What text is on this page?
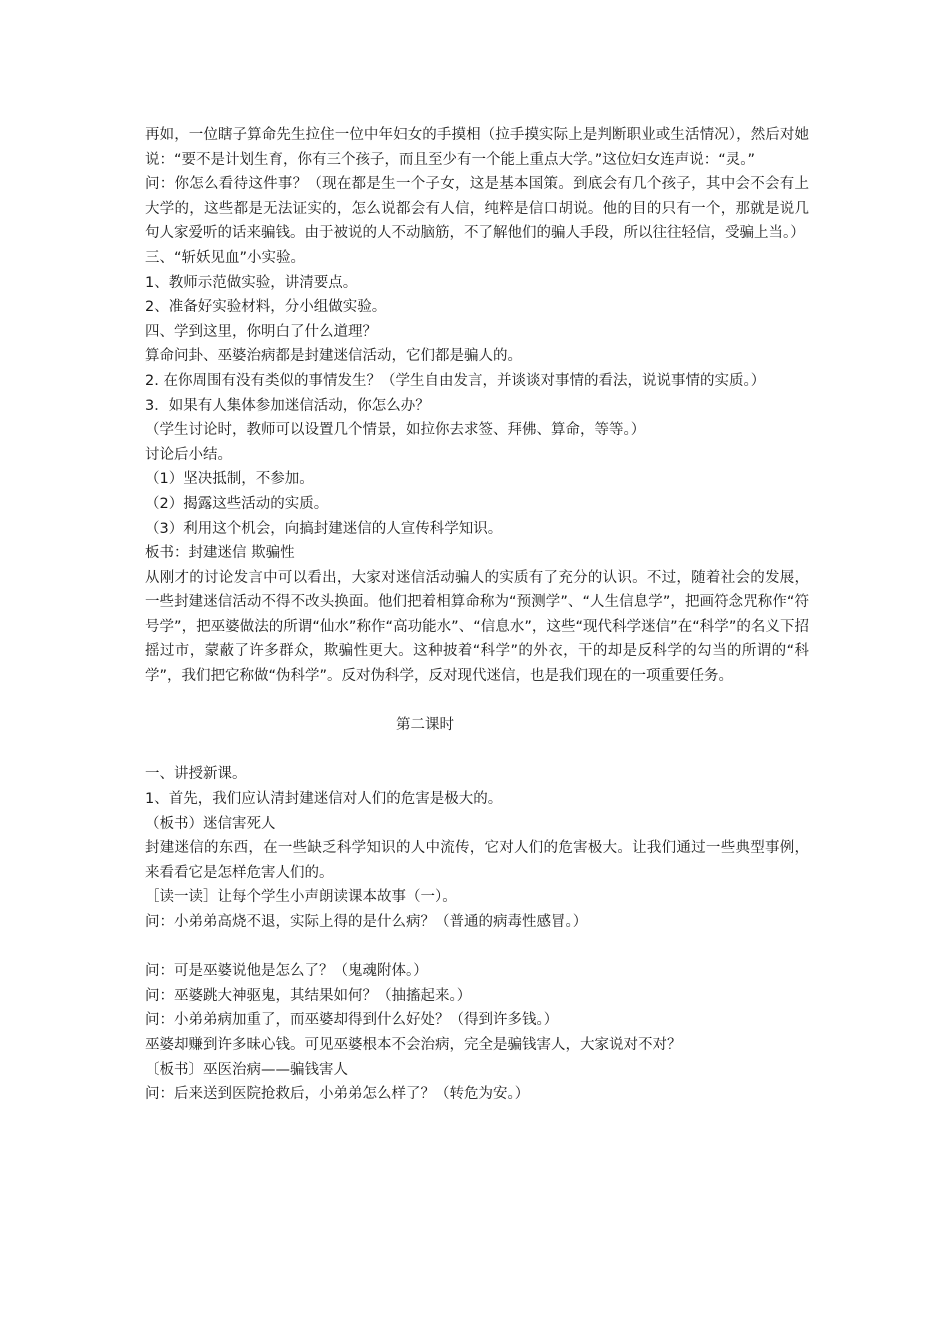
再如，一位瞎子算命先生拉住一位中年妇女的手摸相（拉手摸实际上是判断职业或生活情况），然后对她说：“要不是计划生育，你有三个孩子，而且至少有一个能上重点大学。”这位妇女连声说：“灵。”

问：你怎么看待这件事？（现在都是生一个子女，这是基本国策。到底会有几个孩子，其中会不会有上大学的，这些都是无法证实的，怎么说都会有人信，纯粹是信口胡说。他的目的只有一个，那就是说几句人家爱听的话来骗钱。由于被说的人不动脑筋，不了解他们的骗人手段，所以往往轻信，受骗上当。）

三、“斩妖见血”小实验。

1、教师示范做实验，讲清要点。

2、准备好实验材料，分小组做实验。

四、学到这里，你明白了什么道理？

算命问卦、巫婆治病都是封建迷信活动，它们都是骗人的。

2. 在你周围有没有类似的事情发生？（学生自由发言，并谈谈对事情的看法，说说事情的实质。）

3．如果有人集体参加迷信活动，你怎么办？

（学生讨论时，教师可以设置几个情景，如拉你去求签、拜佛、算命，等等。）

讨论后小结。

（1）坚决抵制，不参加。

（2）揭露这些活动的实质。

（3）利用这个机会，向搞封建迷信的人宣传科学知识。

板书：封建迷信 欺骗性

从刚才的讨论发言中可以看出，大家对迷信活动骗人的实质有了充分的认识。不过，随着社会的发展，一些封建迷信活动不得不改头换面。他们把着相算命称为“预测学”、“人生信息学”，把画符念咒称作“符号学”，把巫婆做法的所谓“仙水”称作“高功能水”、“信息水”，这些“现代科学迷信”在“科学”的名义下招摇过市，蒙蔽了许多群众，欺骗性更大。这种披着“科学”的外衣，干的却是反科学的勾当的所谓的“科学”，我们把它称做“伪科学”。反对伪科学，反对现代迷信，也是我们现在的一项重要任务。

第二课时

一、讲授新课。

1、首先，我们应认清封建迷信对人们的危害是极大的。

（板书）迷信害死人

封建迷信的东西，在一些缺乏科学知识的人中流传，它对人们的危害极大。让我们通过一些典型事例，来看看它是怎样危害人们的。

［读一读］让每个学生小声朗读课本故事（一）。

问：小弟弟高烧不退，实际上得的是什么病？（普通的病毒性感冒。）

问：可是巫婆说他是怎么了？（鬼魂附体。）

问：巫婆跳大神驱鬼，其结果如何？（抽搐起来。）

问：小弟弟病加重了，而巫婆却得到什么好处？（得到许多钱。）

巫婆却赚到许多昧心钱。可见巫婆根本不会治病，完全是骗钱害人，大家说对不对？

〔板书〕巫医治病——骗钱害人

问：后来送到医院抢救后，小弟弟怎么样了？（转危为安。）
